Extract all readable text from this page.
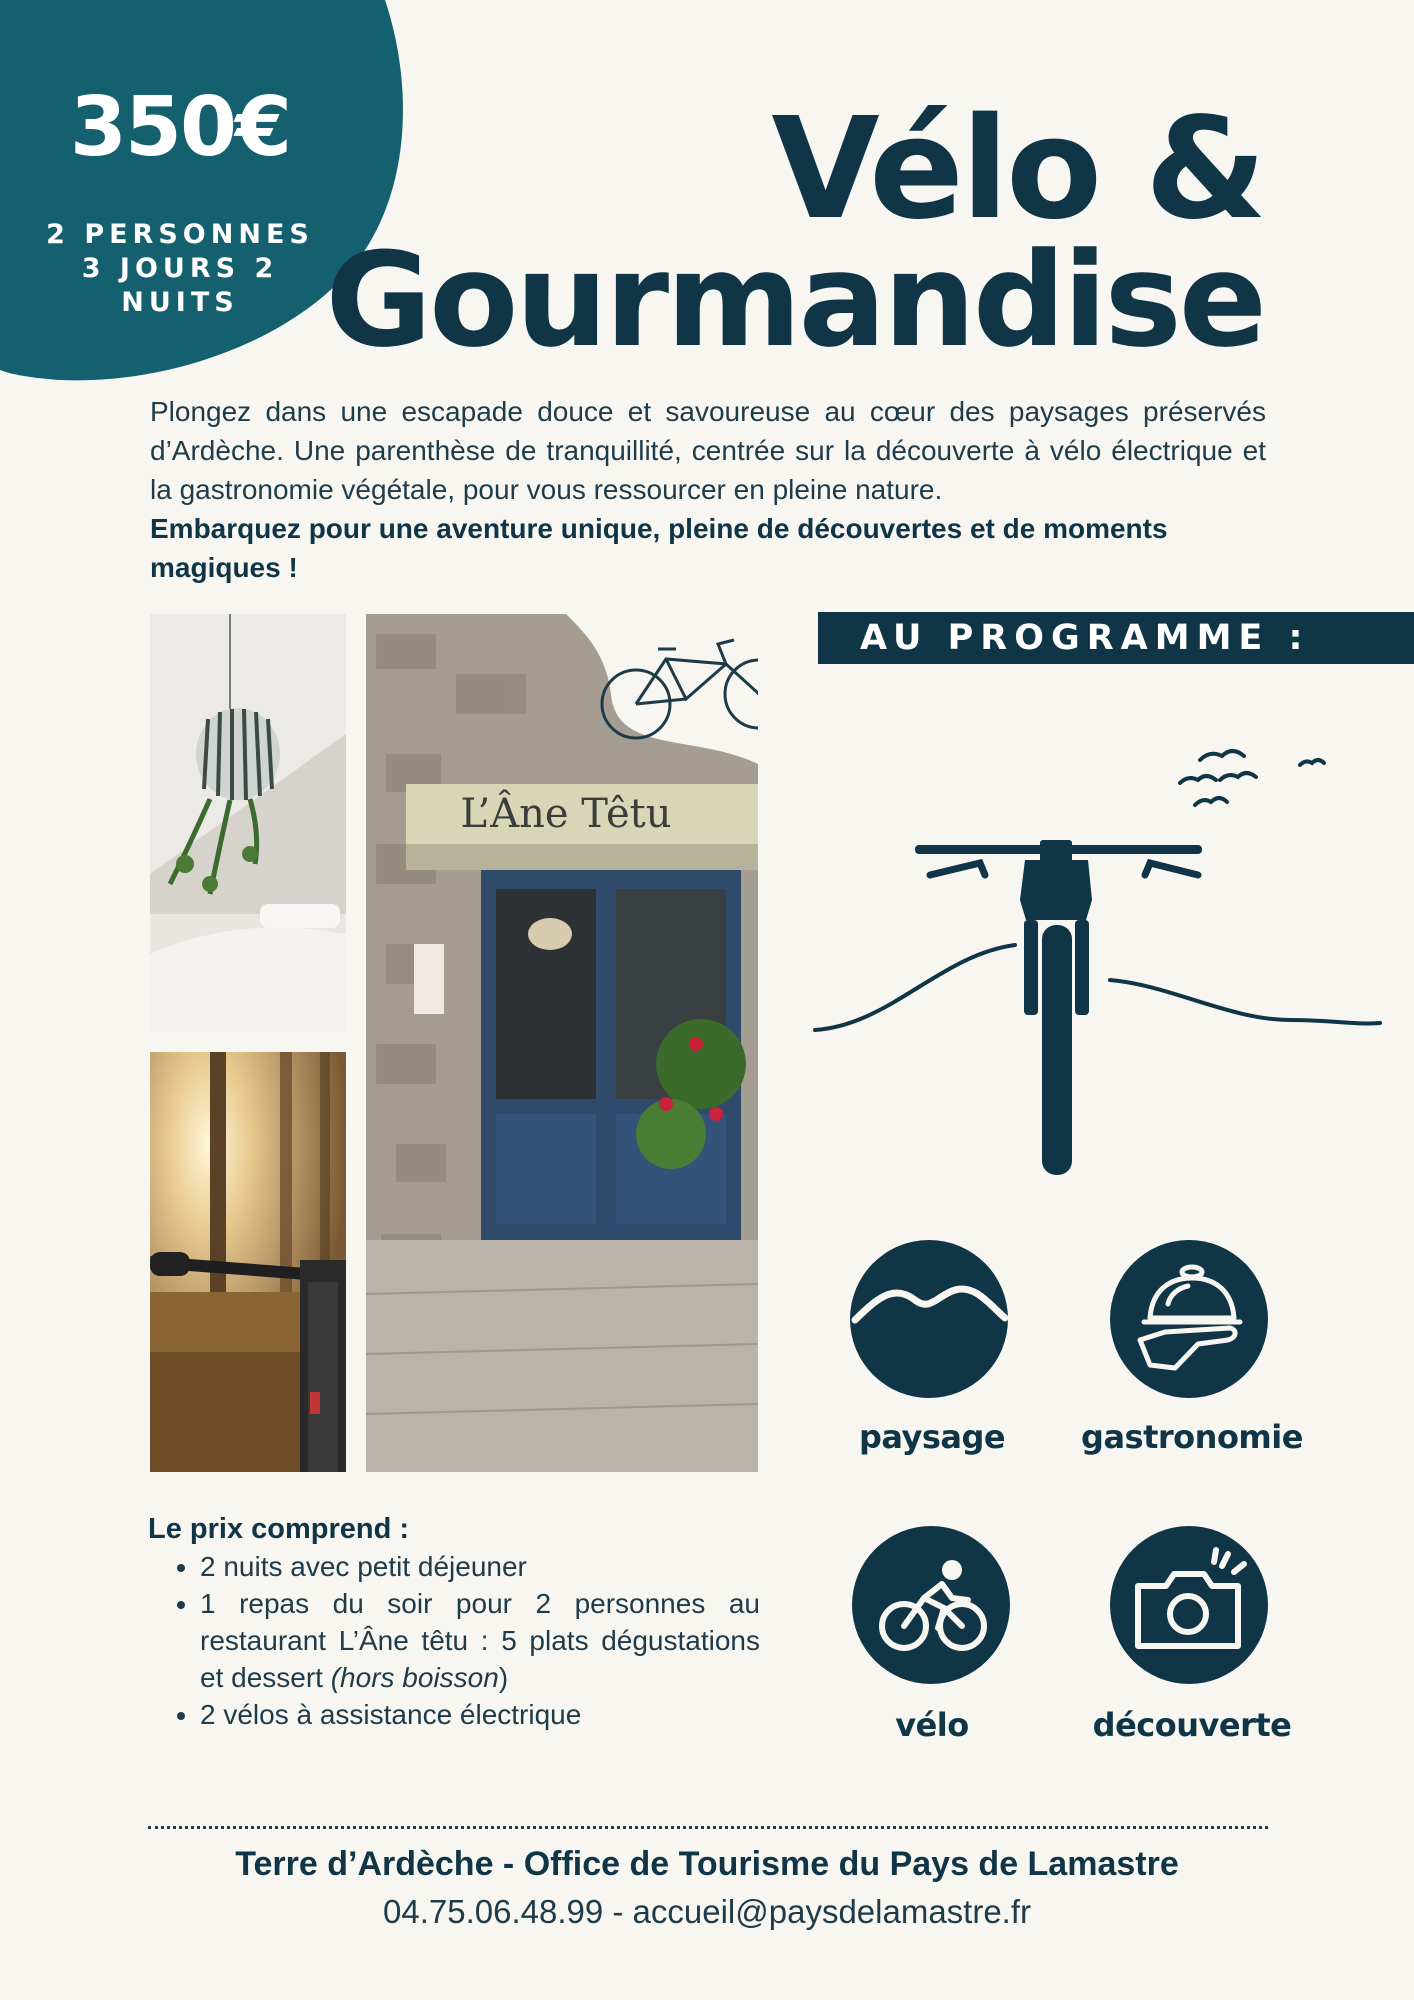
350€
2 PERSONNES
3 JOURS 2 NUITS
Vélo &
Gourmandise

Plongez dans une escapade douce et savoureuse au cœur des paysages préservés d’Ardèche. Une parenthèse de tranquillité, centrée sur la découverte à vélo électrique et la gastronomie végétale, pour vous ressourcer en pleine nature.

Embarquez pour une aventure unique, pleine de découvertes et de moments magiques !

L’Âne Têtu
AU PROGRAMME :
paysage	gastronomie
vélo	découverte
Le prix comprend :
• 2 nuits avec petit déjeuner
• 1 repas du soir pour 2 personnes au restaurant L’Âne têtu : 5 plats dégustations et dessert (hors boisson)
• 2 vélos à assistance électrique
Terre d’Ardèche - Office de Tourisme du Pays de Lamastre
04.75.06.48.99 - accueil@paysdelamastre.fr
